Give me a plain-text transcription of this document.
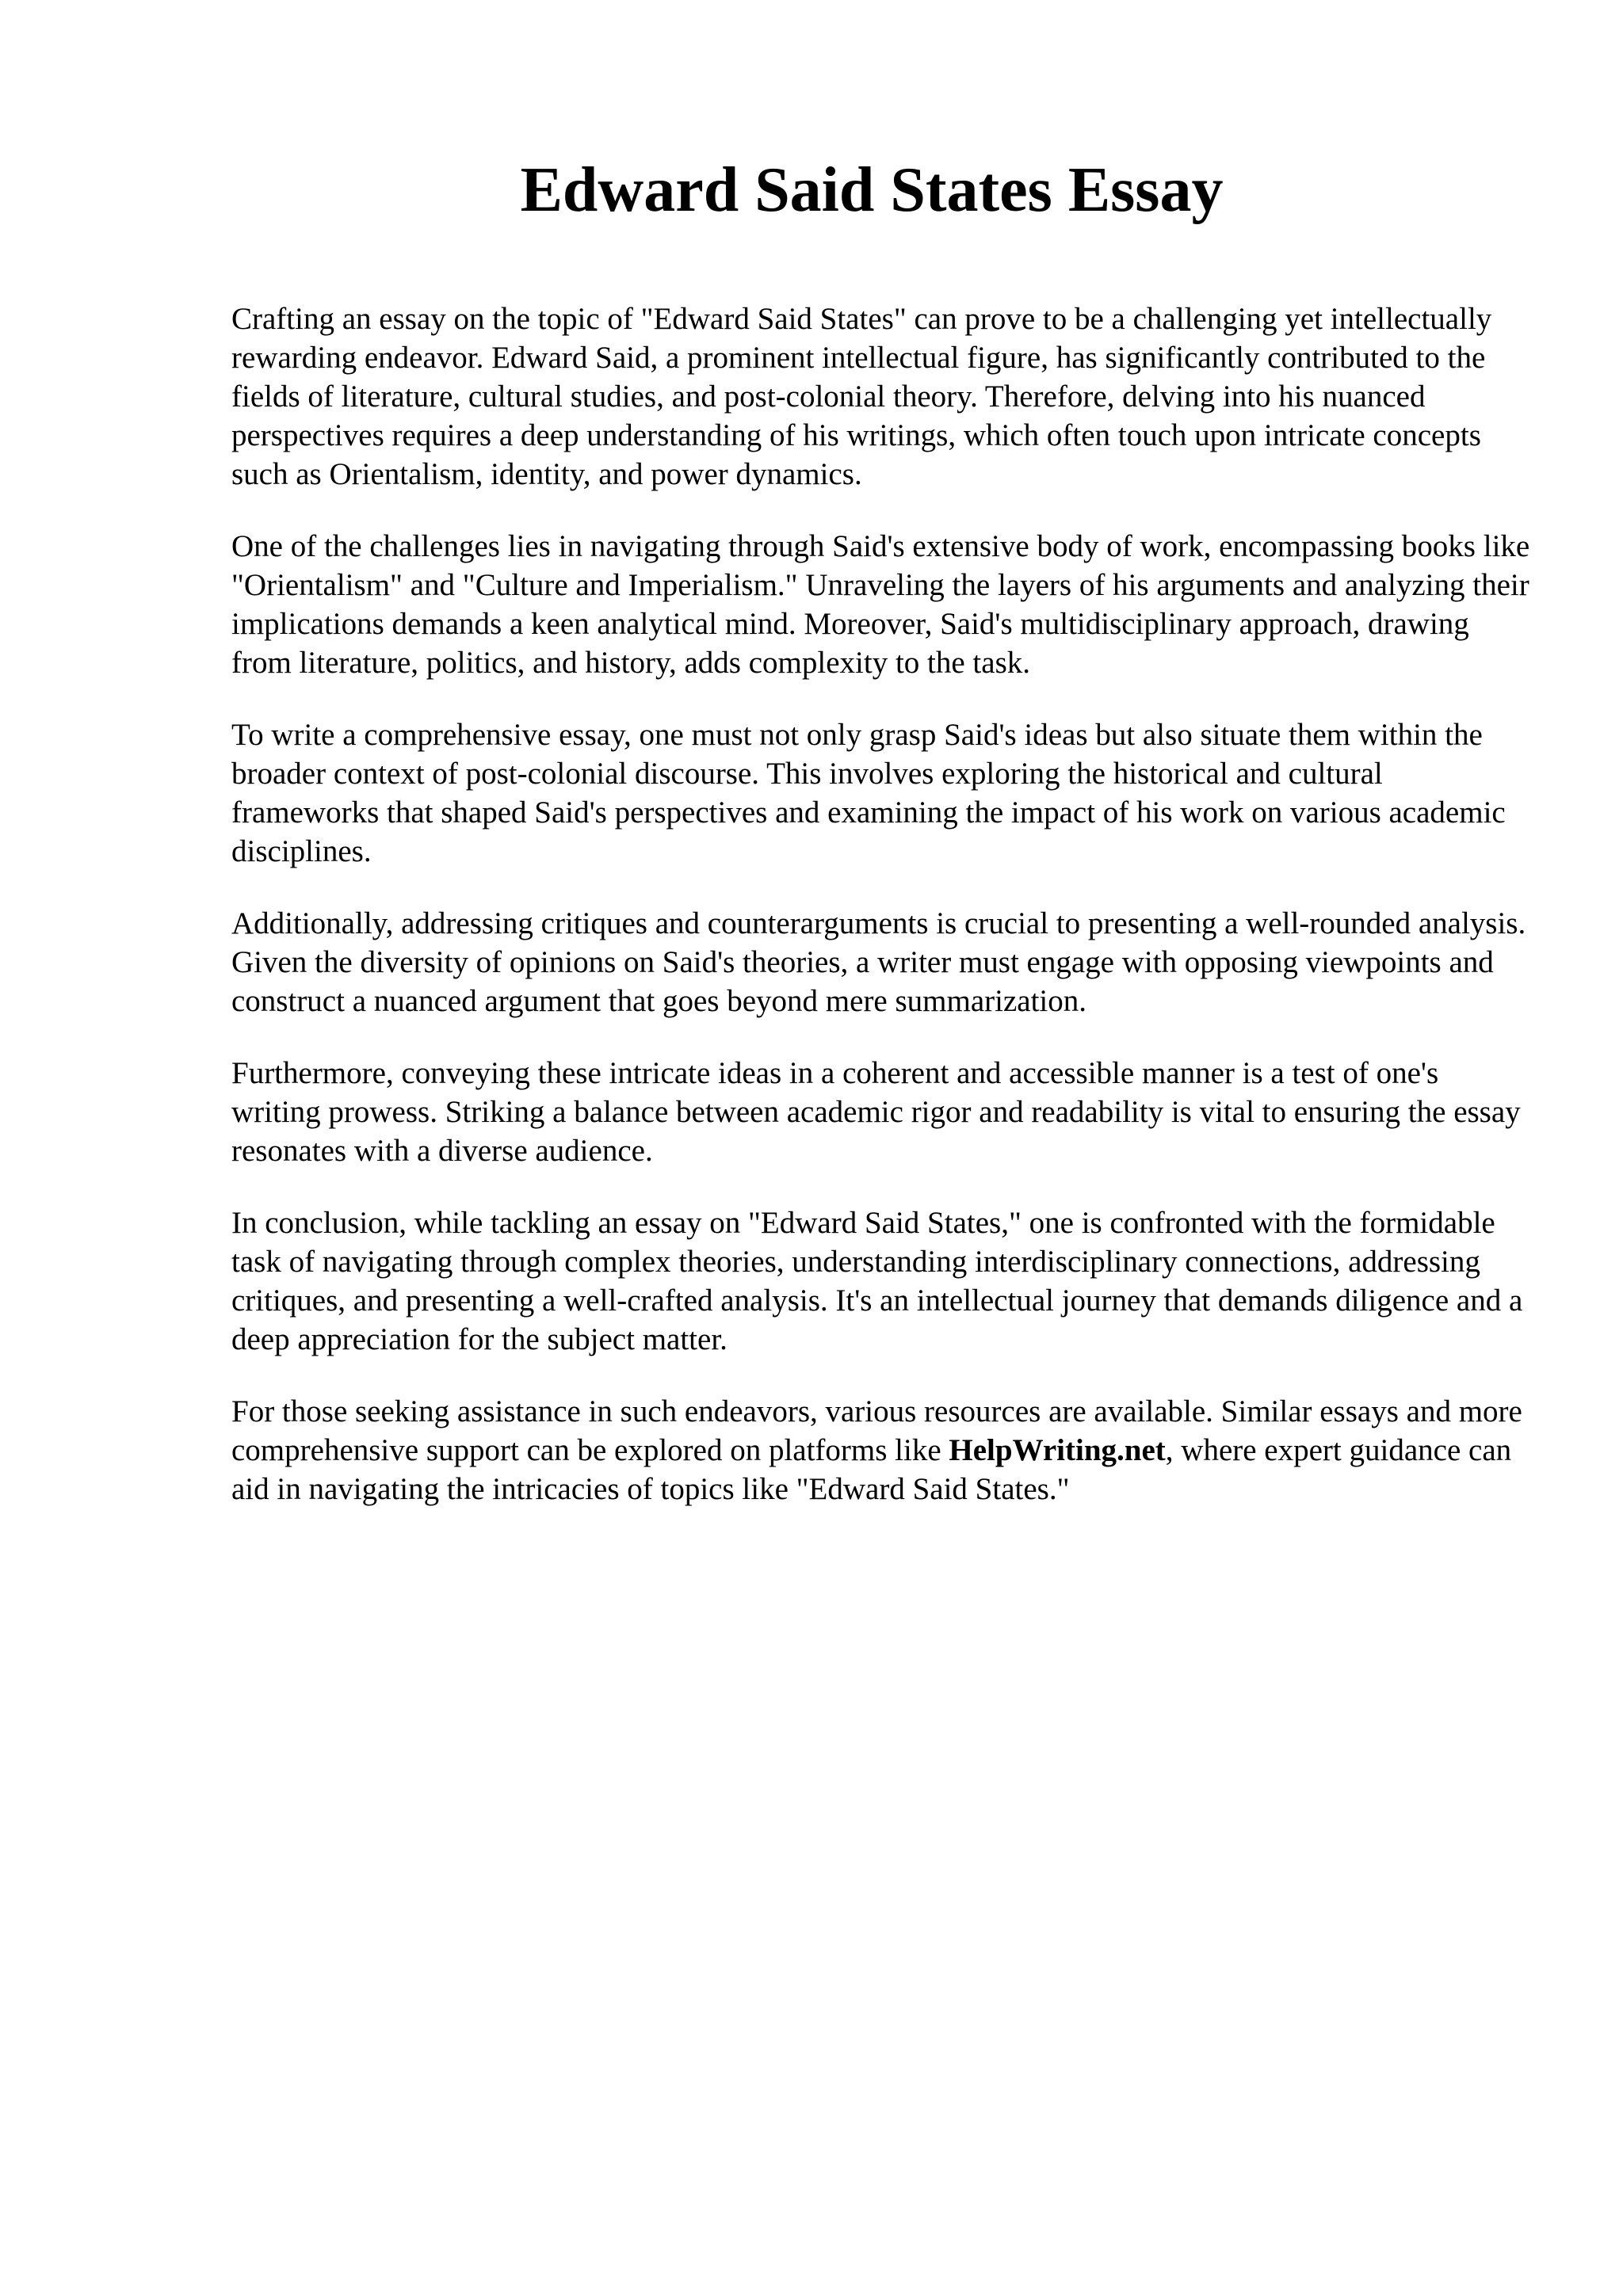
Edward Said States Essay

Crafting an essay on the topic of "Edward Said States" can prove to be a challenging yet intellectually rewarding endeavor. Edward Said, a prominent intellectual figure, has significantly contributed to the fields of literature, cultural studies, and post-colonial theory. Therefore, delving into his nuanced perspectives requires a deep understanding of his writings, which often touch upon intricate concepts such as Orientalism, identity, and power dynamics.

One of the challenges lies in navigating through Said's extensive body of work, encompassing books like "Orientalism" and "Culture and Imperialism." Unraveling the layers of his arguments and analyzing their implications demands a keen analytical mind. Moreover, Said's multidisciplinary approach, drawing from literature, politics, and history, adds complexity to the task.

To write a comprehensive essay, one must not only grasp Said's ideas but also situate them within the broader context of post-colonial discourse. This involves exploring the historical and cultural frameworks that shaped Said's perspectives and examining the impact of his work on various academic disciplines.

Additionally, addressing critiques and counterarguments is crucial to presenting a well-rounded analysis. Given the diversity of opinions on Said's theories, a writer must engage with opposing viewpoints and construct a nuanced argument that goes beyond mere summarization.

Furthermore, conveying these intricate ideas in a coherent and accessible manner is a test of one's writing prowess. Striking a balance between academic rigor and readability is vital to ensuring the essay resonates with a diverse audience.

In conclusion, while tackling an essay on "Edward Said States," one is confronted with the formidable task of navigating through complex theories, understanding interdisciplinary connections, addressing critiques, and presenting a well-crafted analysis. It's an intellectual journey that demands diligence and a deep appreciation for the subject matter.

For those seeking assistance in such endeavors, various resources are available. Similar essays and more comprehensive support can be explored on platforms like HelpWriting.net, where expert guidance can aid in navigating the intricacies of topics like "Edward Said States."
